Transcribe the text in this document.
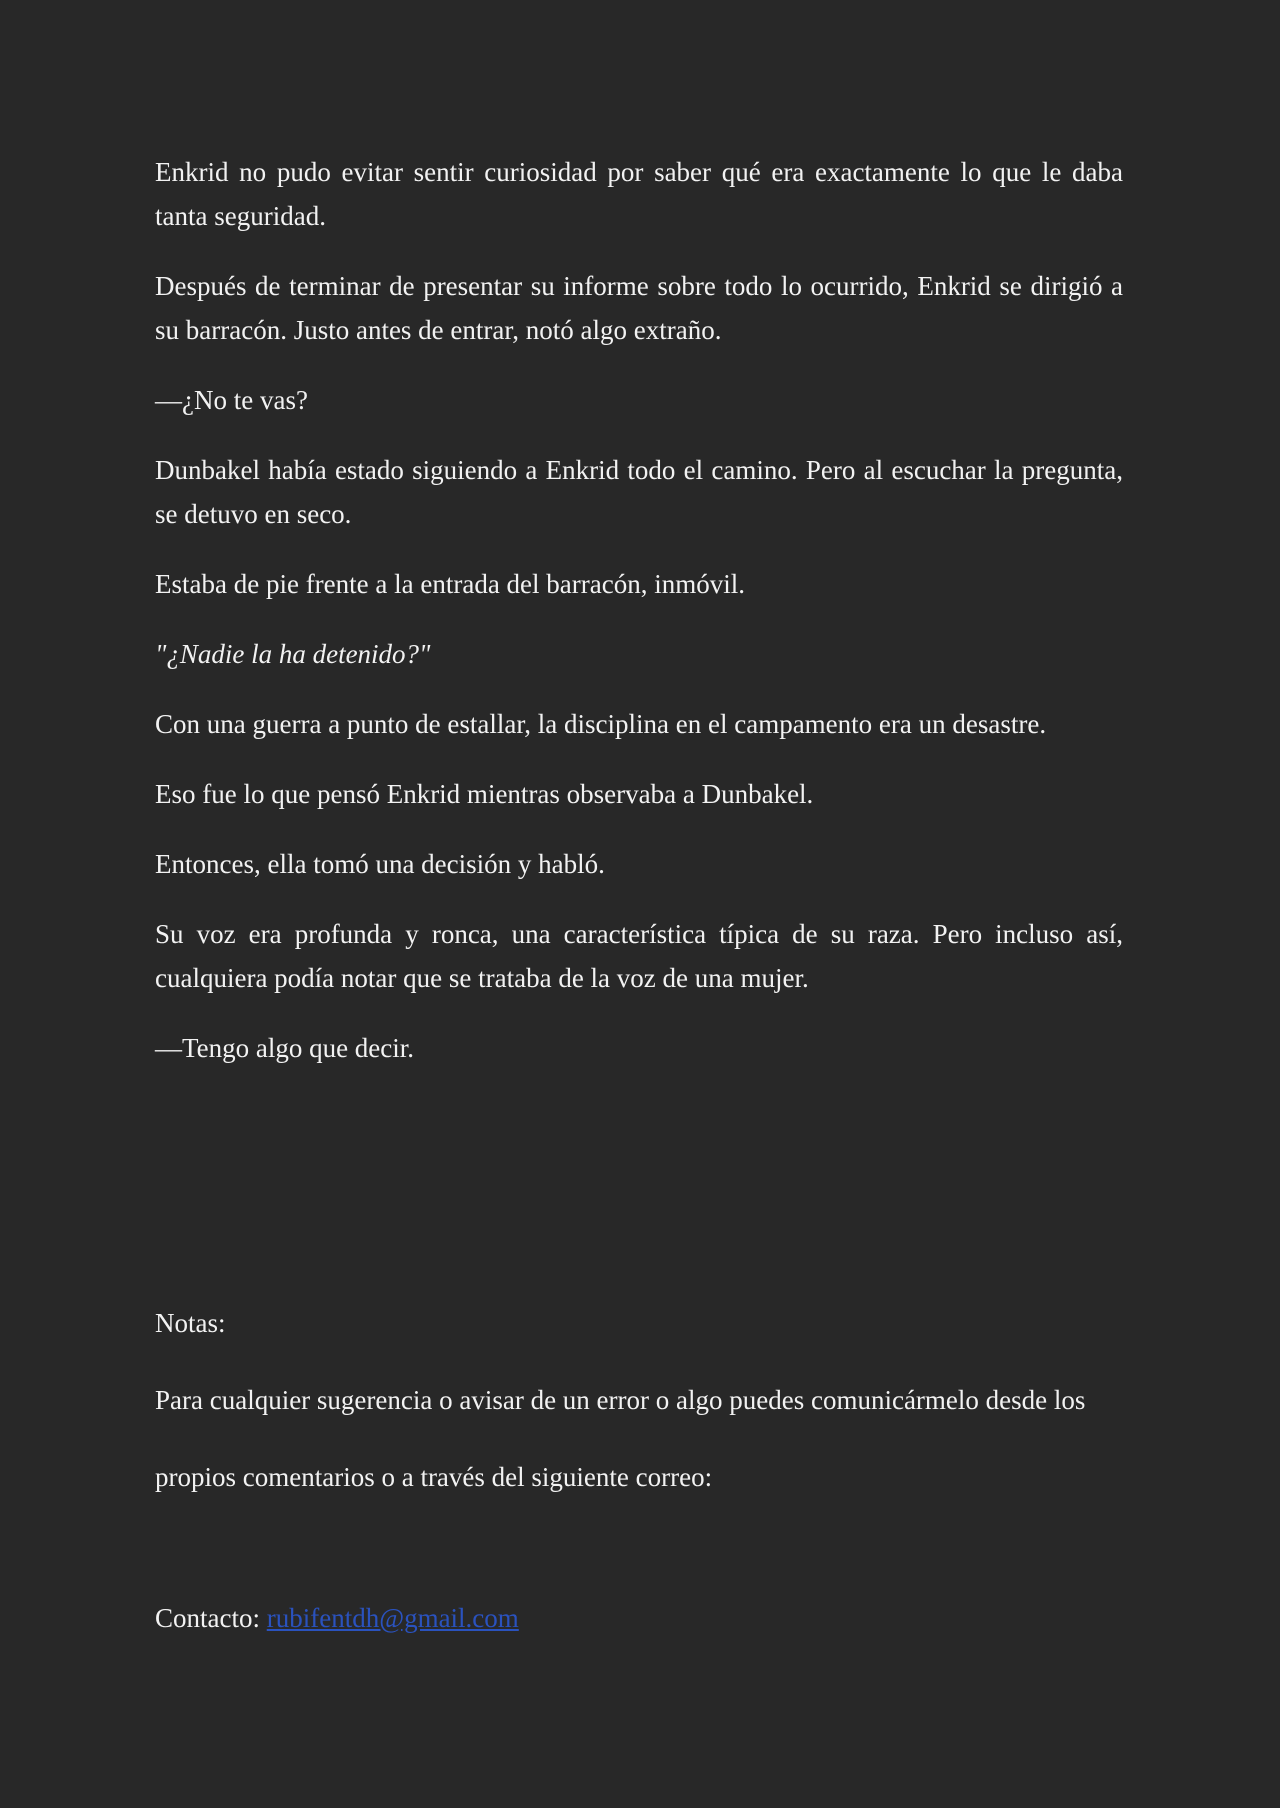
Enkrid no pudo evitar sentir curiosidad por saber qué era exactamente lo que le daba tanta seguridad.

Después de terminar de presentar su informe sobre todo lo ocurrido, Enkrid se dirigió a su barracón. Justo antes de entrar, notó algo extraño.

—¿No te vas?

Dunbakel había estado siguiendo a Enkrid todo el camino. Pero al escuchar la pregunta, se detuvo en seco.

Estaba de pie frente a la entrada del barracón, inmóvil.

"¿Nadie la ha detenido?"

Con una guerra a punto de estallar, la disciplina en el campamento era un desastre.

Eso fue lo que pensó Enkrid mientras observaba a Dunbakel.

Entonces, ella tomó una decisión y habló.

Su voz era profunda y ronca, una característica típica de su raza. Pero incluso así, cualquiera podía notar que se trataba de la voz de una mujer.

—Tengo algo que decir.

Notas:

Para cualquier sugerencia o avisar de un error o algo puedes comunicármelo desde los

propios comentarios o a través del siguiente correo:

Contacto: rubifentdh@gmail.com
